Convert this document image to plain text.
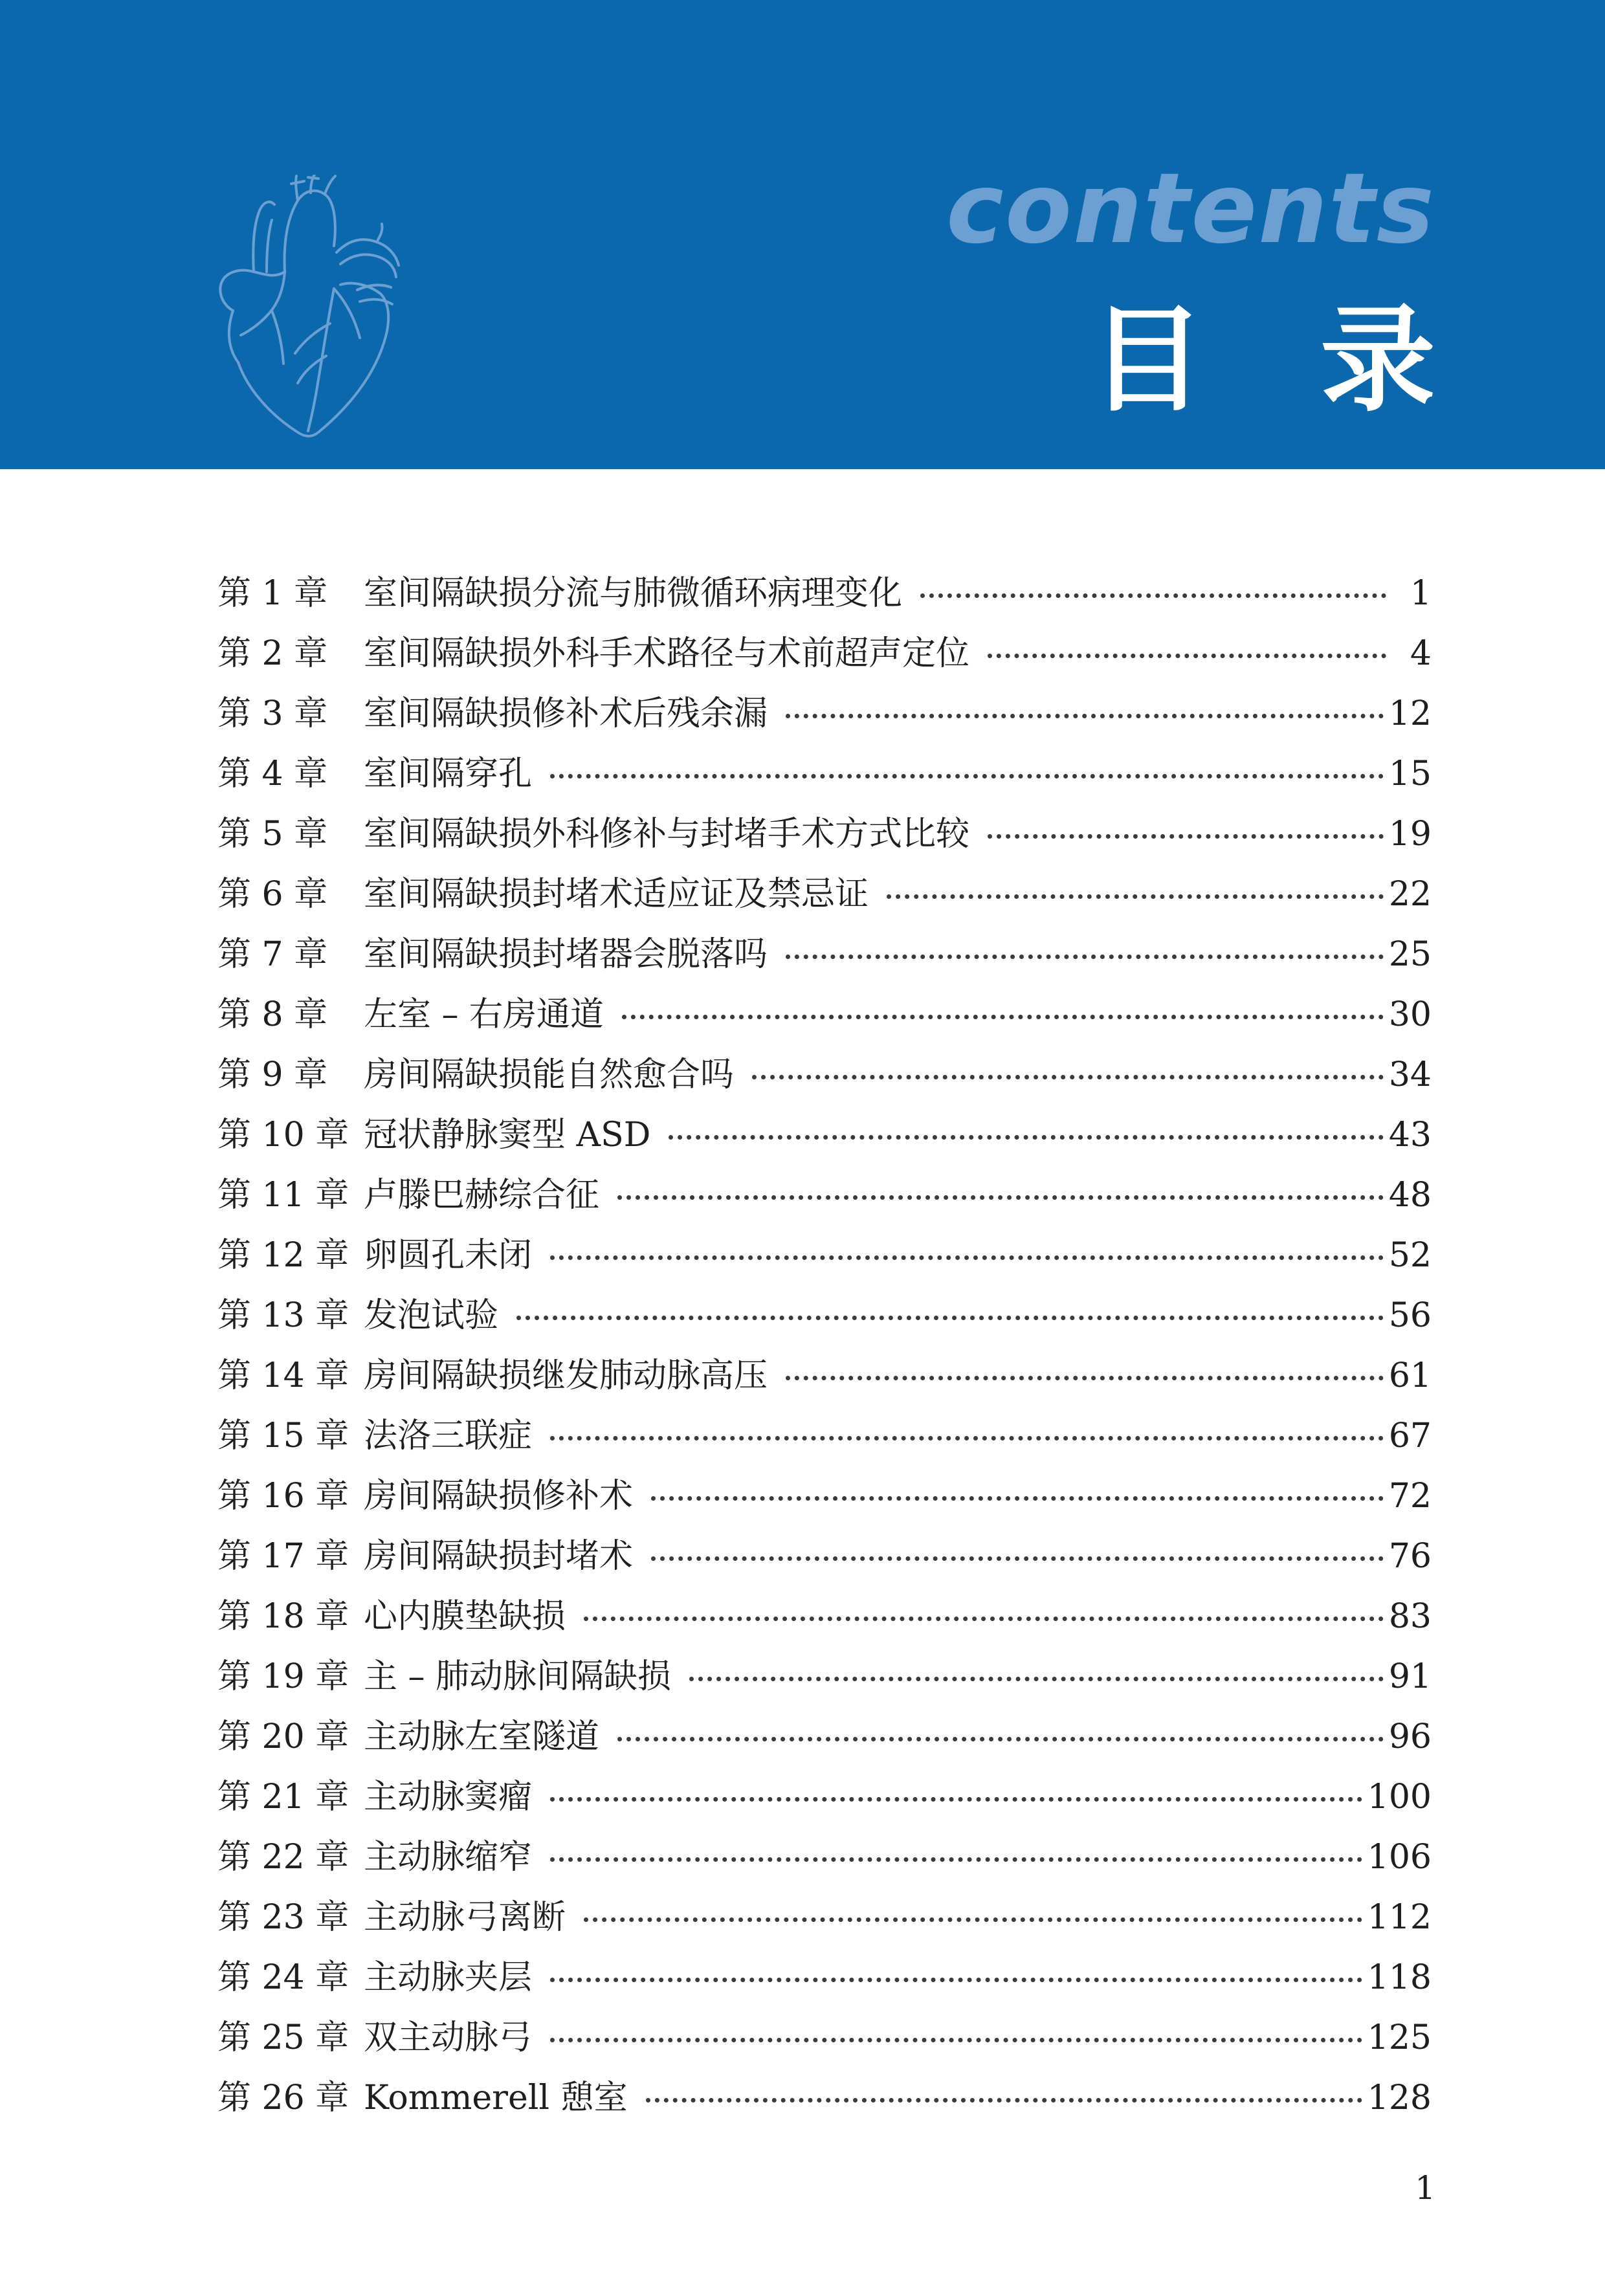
contents
目 录
第 1 章	室间隔缺损分流与肺微循环病理变化	1
第 2 章	室间隔缺损外科手术路径与术前超声定位	4
第 3 章	室间隔缺损修补术后残余漏	12
第 4 章	室间隔穿孔	15
第 5 章	室间隔缺损外科修补与封堵手术方式比较	19
第 6 章	室间隔缺损封堵术适应证及禁忌证	22
第 7 章	室间隔缺损封堵器会脱落吗	25
第 8 章	左室 – 右房通道	30
第 9 章	房间隔缺损能自然愈合吗	34
第 10 章 冠状静脉窦型 ASD	43
第 11 章 卢滕巴赫综合征	48
第 12 章 卵圆孔未闭	52
第 13 章 发泡试验	56
第 14 章 房间隔缺损继发肺动脉高压	61
第 15 章 法洛三联症	67
第 16 章 房间隔缺损修补术	72
第 17 章 房间隔缺损封堵术	76
第 18 章 心内膜垫缺损	83
第 19 章 主 – 肺动脉间隔缺损	91
第 20 章 主动脉左室隧道	96
第 21 章 主动脉窦瘤	100
第 22 章 主动脉缩窄	106
第 23 章 主动脉弓离断	112
第 24 章 主动脉夹层	118
第 25 章 双主动脉弓	125
第 26 章 Kommerell 憩室	128
1
